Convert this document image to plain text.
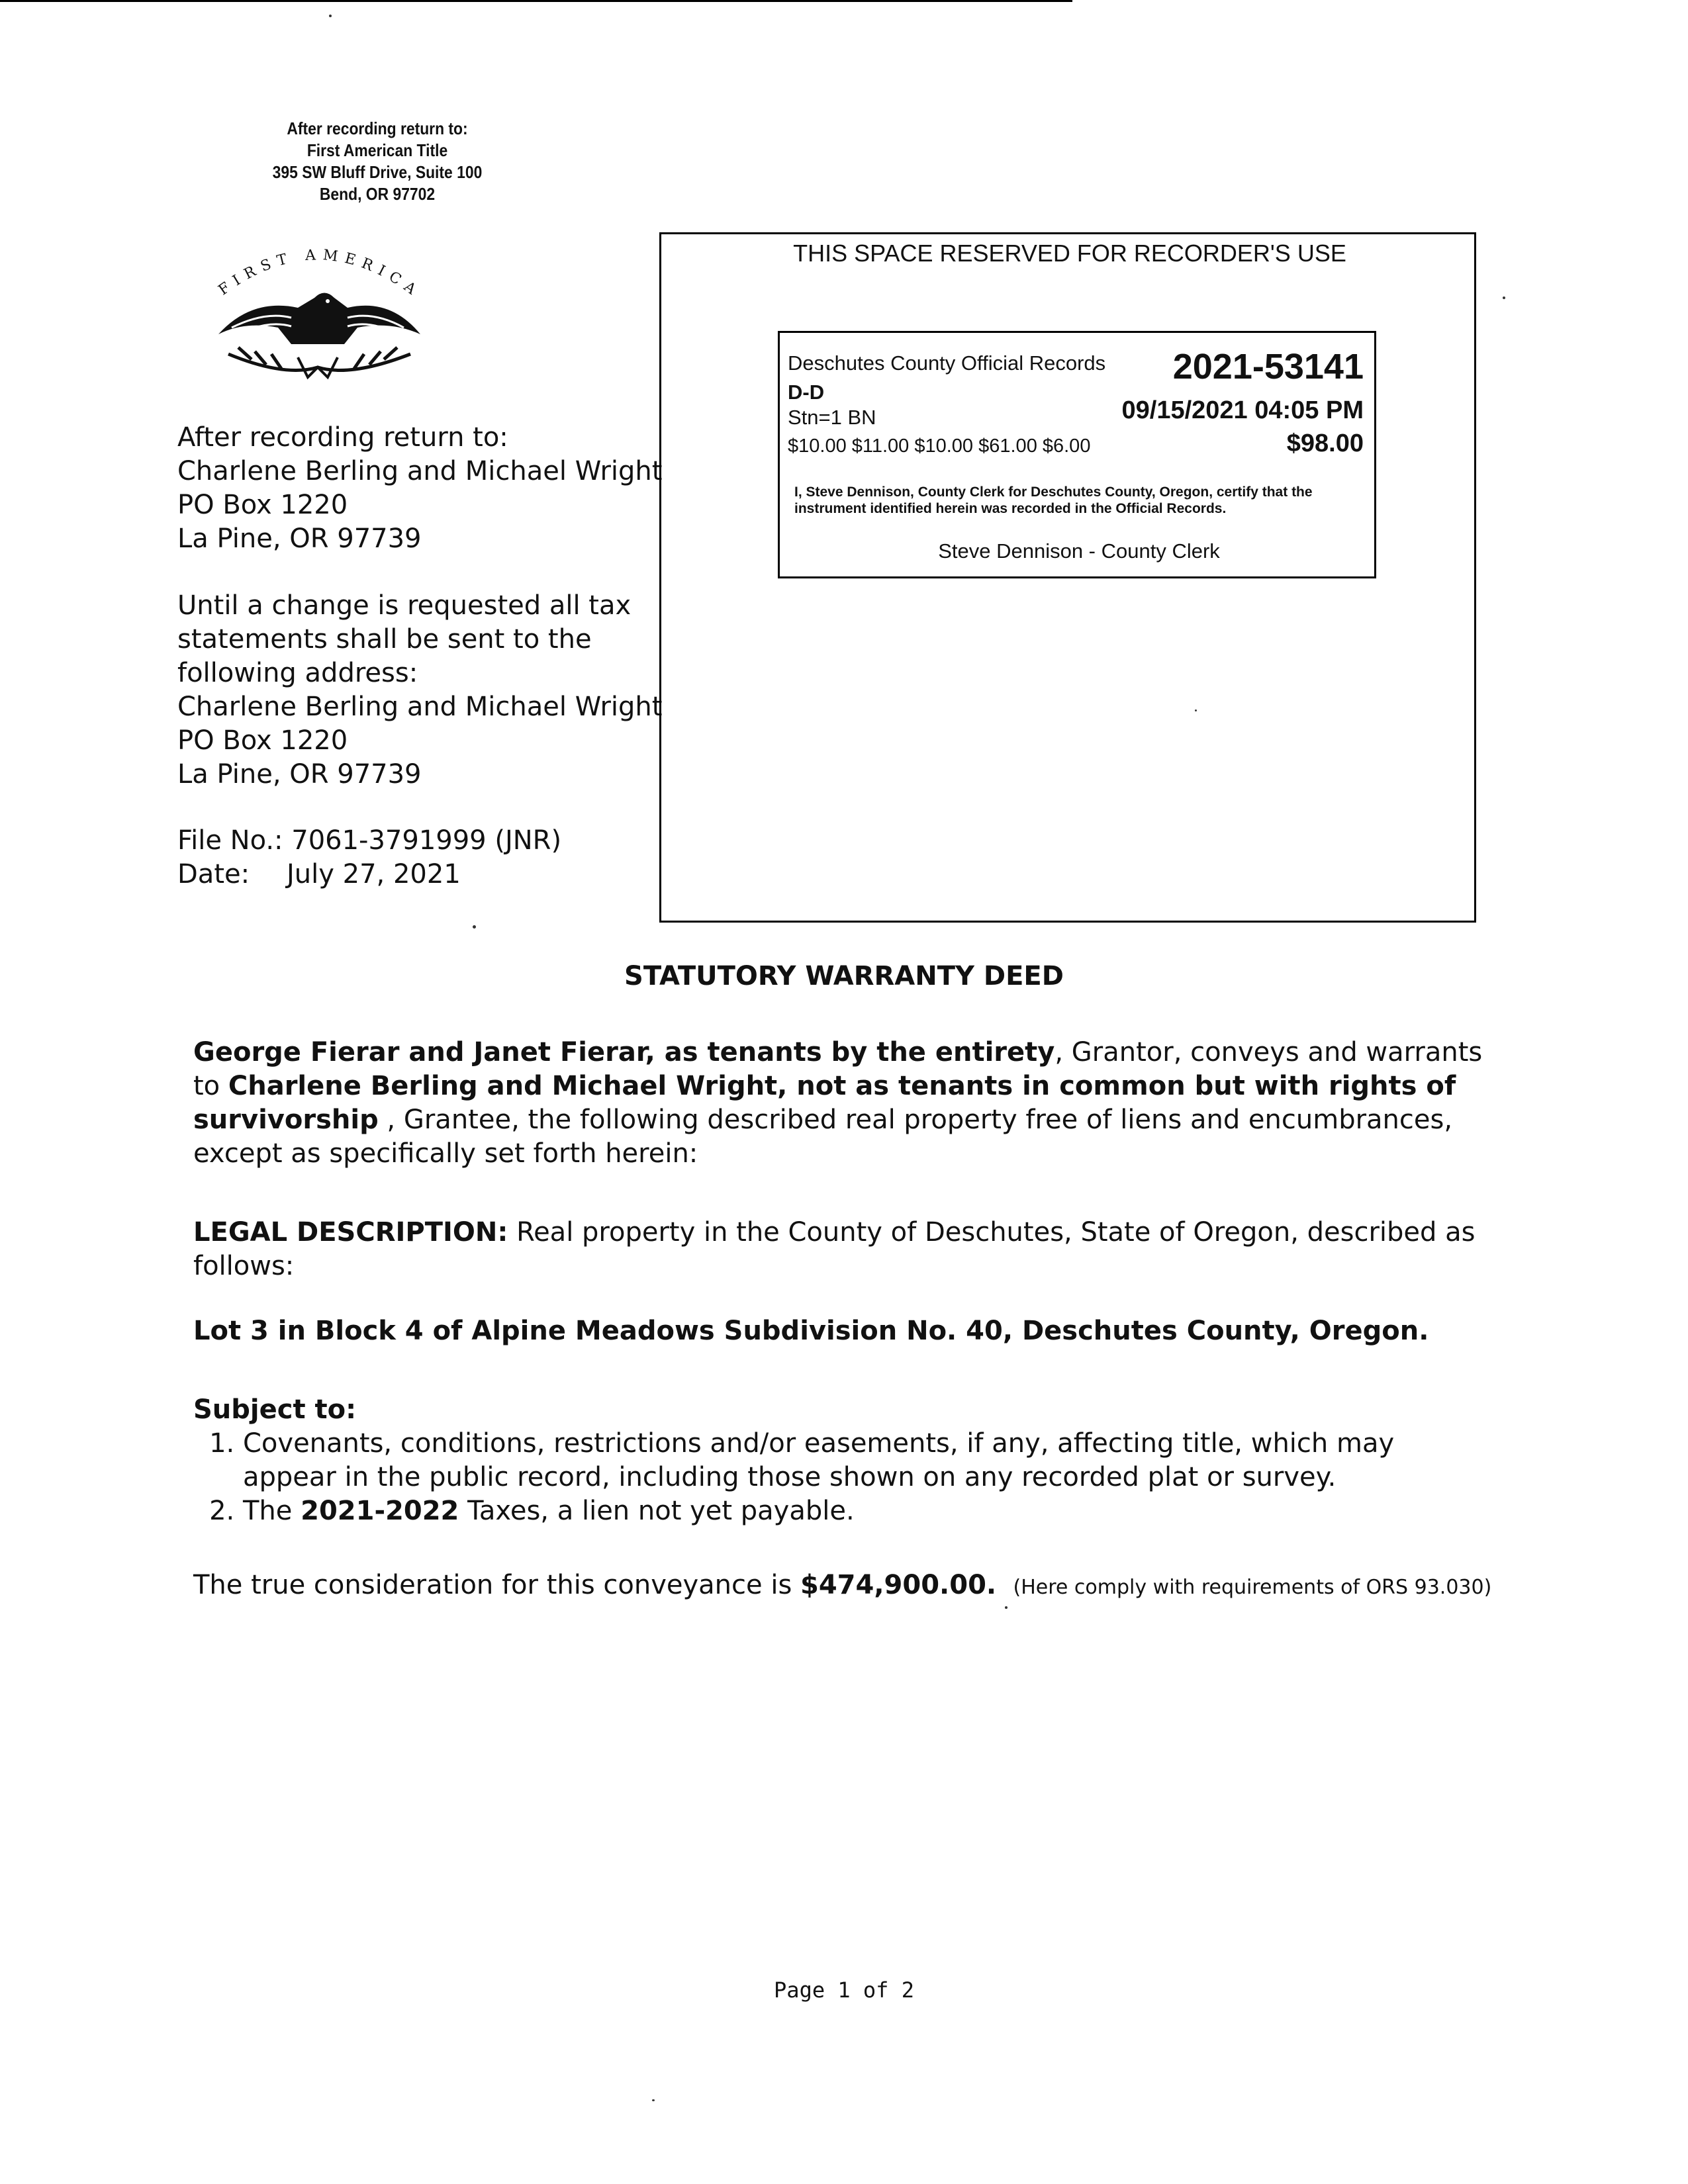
After recording return to:
First American Title
395 SW Bluff Drive, Suite 100
Bend, OR 97702
FIRST AMERICA
After recording return to:
Charlene Berling and Michael Wright
PO Box 1220
La Pine, OR 97739
Until a change is requested all tax
statements shall be sent to the
following address:
Charlene Berling and Michael Wright
PO Box 1220
La Pine, OR 97739
File No.:
7061-3791999 (JNR)
Date:	July 27, 2021
THIS SPACE RESERVED FOR RECORDER'S USE
Deschutes County Official Records 2021-53141
D-D
Stn=1 BN	09/15/2021 04:05 PM
$10.00 $11.00 $10.00 $61.00 $6.00	$98.00
I, Steve Dennison, County Clerk for Deschutes County, Oregon, certify that the instrument identified herein was recorded in the Official Records.
Steve Dennison - County Clerk
STATUTORY WARRANTY DEED
George Fierar and Janet Fierar, as tenants by the entirety, Grantor, conveys and warrants to Charlene Berling and Michael Wright, not as tenants in common but with rights of survivorship , Grantee, the following described real property free of liens and encumbrances, except as specifically set forth herein:
LEGAL DESCRIPTION: Real property in the County of Deschutes, State of Oregon, described as follows:
Lot 3 in Block 4 of Alpine Meadows Subdivision No. 40, Deschutes County, Oregon.
Subject to:
1. Covenants, conditions, restrictions and/or easements, if any, affecting title, which may appear in the public record, including those shown on any recorded plat or survey.
2. The 2021-2022 Taxes, a lien not yet payable.
The true consideration for this conveyance is $474,900.00. (Here comply with requirements of ORS 93.030)
Page 1 of 2
